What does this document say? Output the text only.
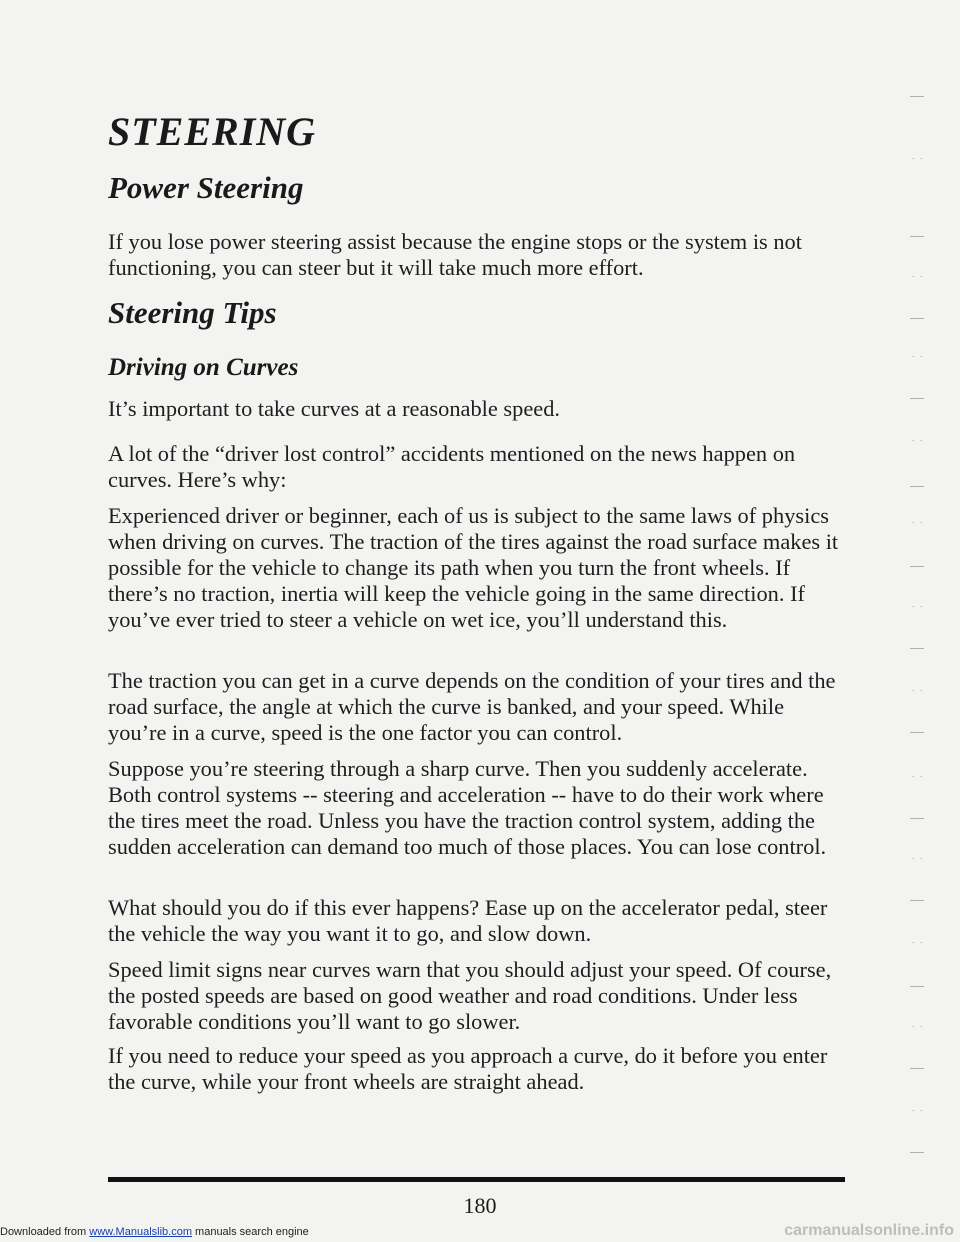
STEERING
Power Steering

If you lose power steering assist because the engine stops or the system is not functioning, you can steer but it will take much more effort.

Steering Tips
Driving on Curves

It’s important to take curves at a reasonable speed.

A lot of the “driver lost control” accidents mentioned on the news happen on curves. Here’s why:

Experienced driver or beginner, each of us is subject to the same laws of physics when driving on curves. The traction of the tires against the road surface makes it possible for the vehicle to change its path when you turn the front wheels. If there’s no traction, inertia will keep the vehicle going in the same direction. If you’ve ever tried to steer a vehicle on wet ice, you’ll understand this.

The traction you can get in a curve depends on the condition of your tires and the road surface, the angle at which the curve is banked, and your speed. While you’re in a curve, speed is the one factor you can control.

Suppose you’re steering through a sharp curve. Then you suddenly accelerate. Both control systems -- steering and acceleration -- have to do their work where the tires meet the road. Unless you have the traction control system, adding the sudden acceleration can demand too much of those places. You can lose control.

What should you do if this ever happens? Ease up on the accelerator pedal, steer the vehicle the way you want it to go, and slow down.

Speed limit signs near curves warn that you should adjust your speed. Of course, the posted speeds are based on good weather and road conditions. Under less favorable conditions you’ll want to go slower.

If you need to reduce your speed as you approach a curve, do it before you enter the curve, while your front wheels are straight ahead.

180
Downloaded from www.Manualslib.com manuals search engine	carmanualsonline.info
